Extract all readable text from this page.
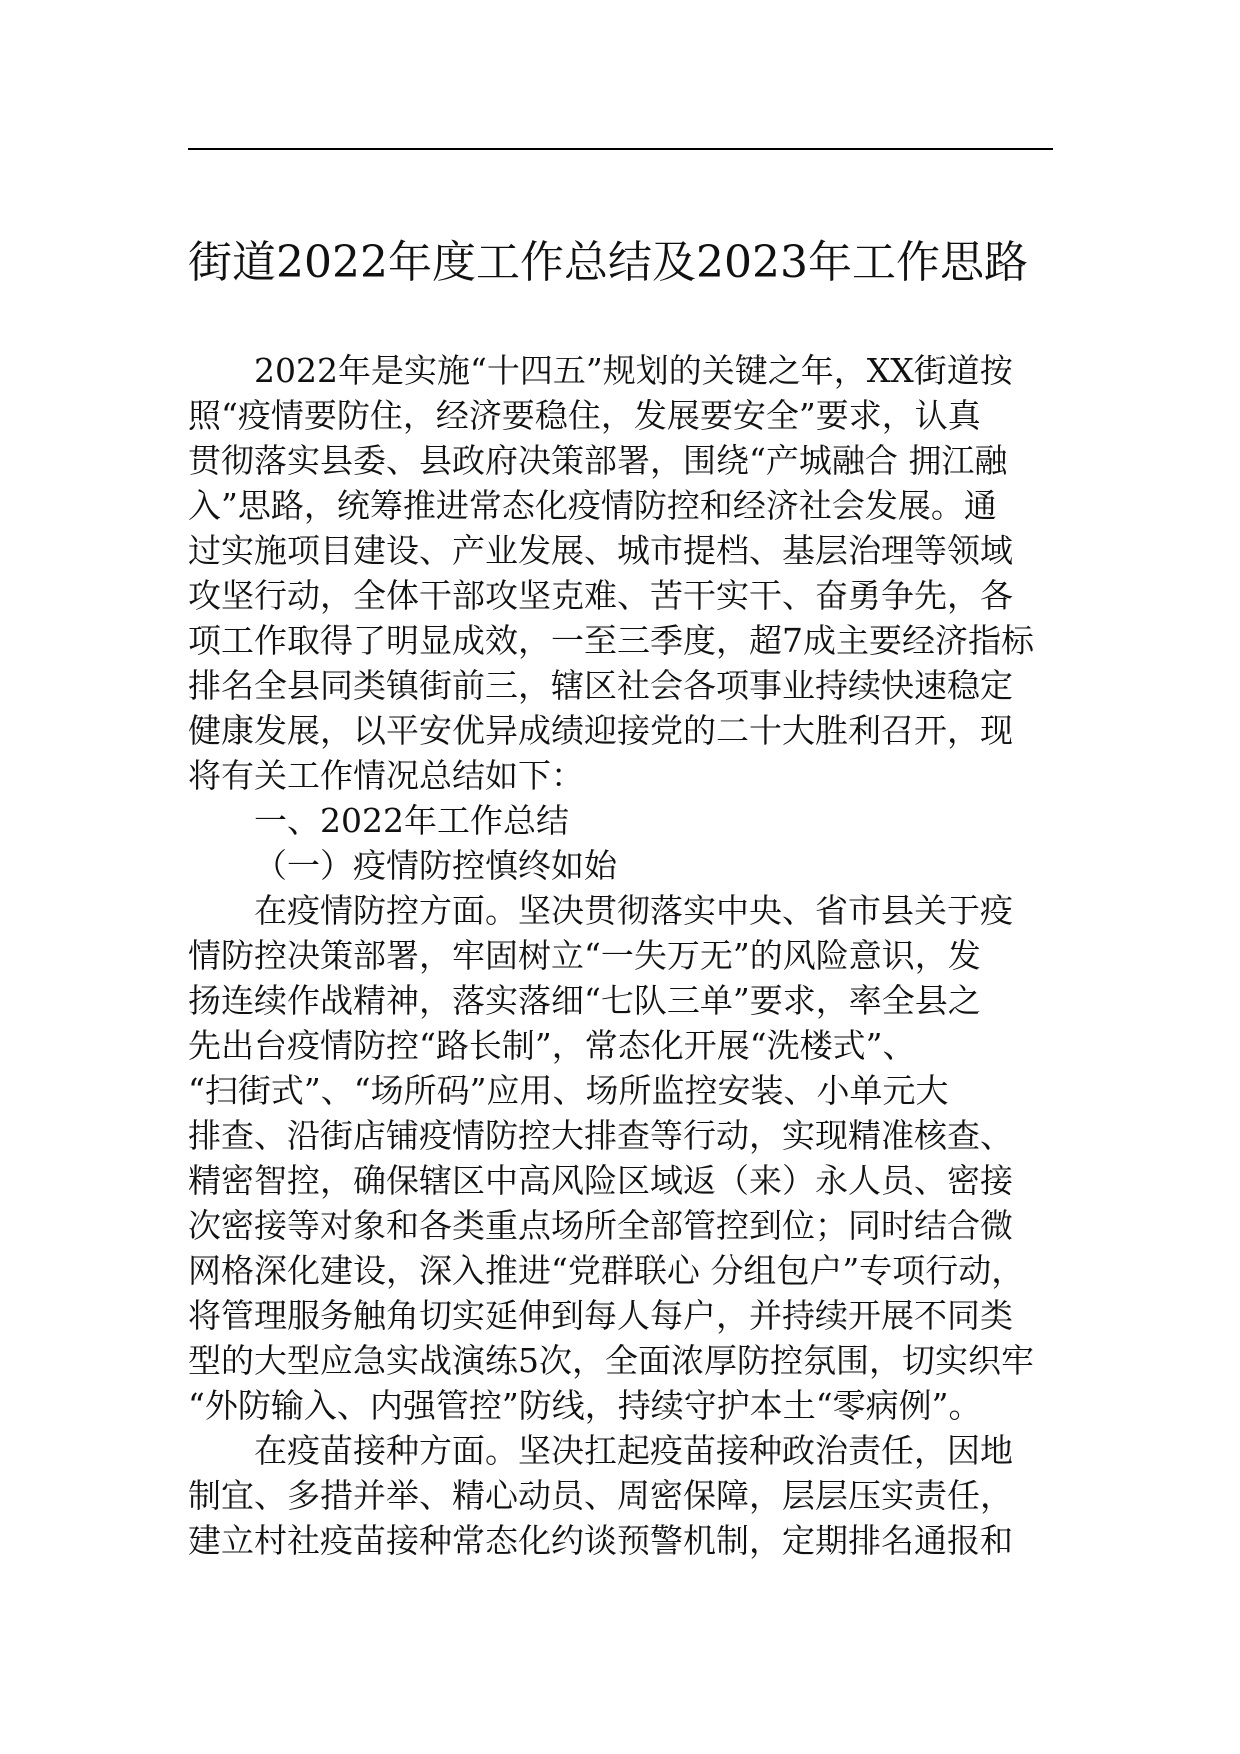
街道2022年度工作总结及2023年工作思路
2022年是实施“十四五”规划的关键之年，XX街道按
照“疫情要防住，经济要稳住，发展要安全”要求，认真
贯彻落实县委、县政府决策部署，围绕“产城融合 拥江融
入”思路，统筹推进常态化疫情防控和经济社会发展。通
过实施项目建设、产业发展、城市提档、基层治理等领域
攻坚行动，全体干部攻坚克难、苦干实干、奋勇争先，各
项工作取得了明显成效，一至三季度，超7成主要经济指标
排名全县同类镇街前三，辖区社会各项事业持续快速稳定
健康发展，以平安优异成绩迎接党的二十大胜利召开，现
将有关工作情况总结如下：
一、2022年工作总结
（一）疫情防控慎终如始
在疫情防控方面。坚决贯彻落实中央、省市县关于疫
情防控决策部署，牢固树立“一失万无”的风险意识，发
扬连续作战精神，落实落细“七队三单”要求，率全县之
先出台疫情防控“路长制”，常态化开展“洗楼式”、
“扫街式”、“场所码”应用、场所监控安装、小单元大
排查、沿街店铺疫情防控大排查等行动，实现精准核查、
精密智控，确保辖区中高风险区域返（来）永人员、密接
次密接等对象和各类重点场所全部管控到位；同时结合微
网格深化建设，深入推进“党群联心 分组包户”专项行动，
将管理服务触角切实延伸到每人每户，并持续开展不同类
型的大型应急实战演练5次，全面浓厚防控氛围，切实织牢
“外防输入、内强管控”防线，持续守护本土“零病例”。
在疫苗接种方面。坚决扛起疫苗接种政治责任，因地
制宜、多措并举、精心动员、周密保障，层层压实责任，
建立村社疫苗接种常态化约谈预警机制，定期排名通报和
